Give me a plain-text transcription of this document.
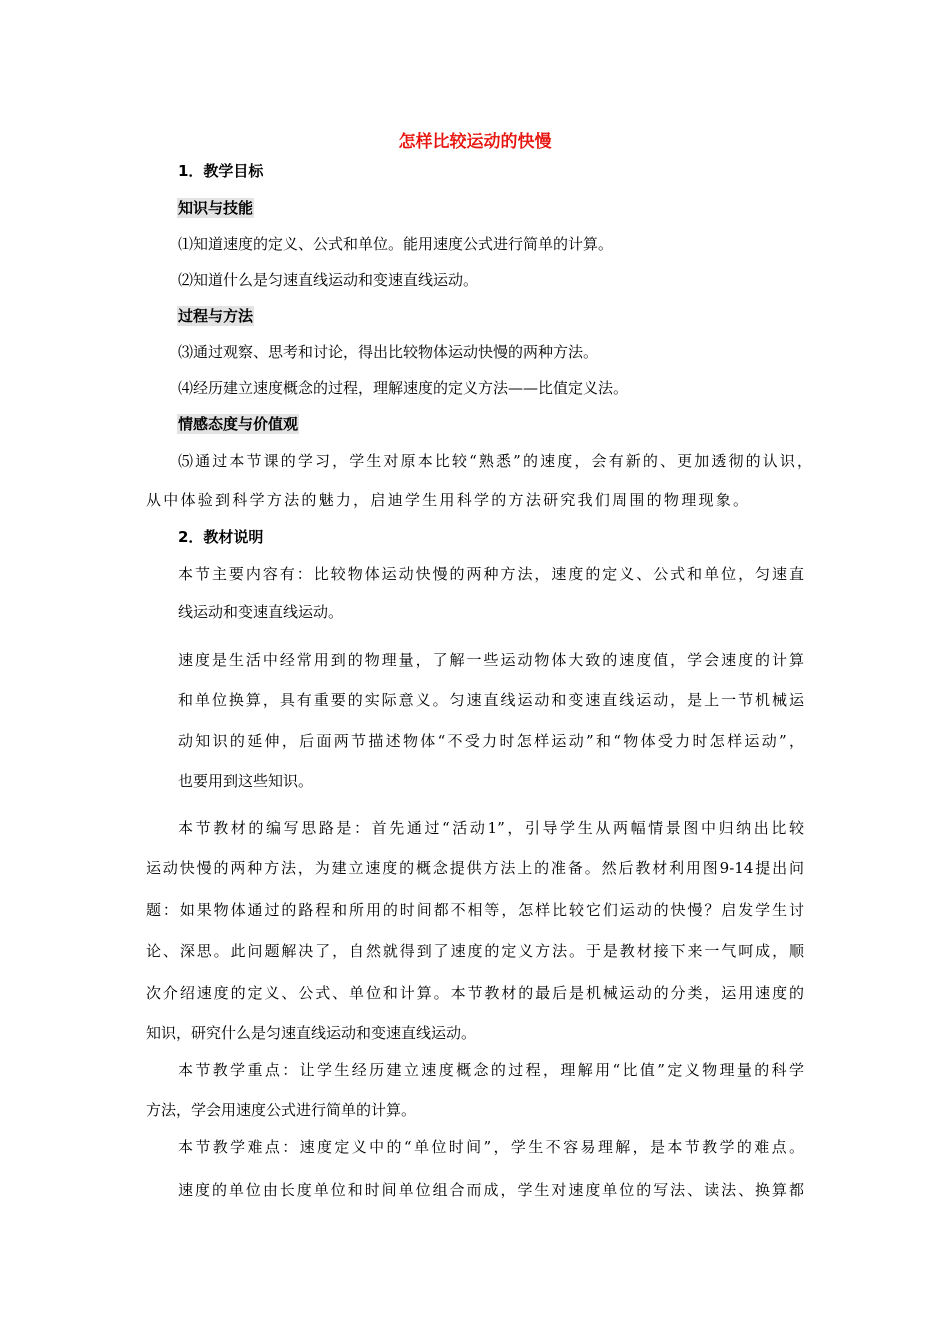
怎样比较运动的快慢
1．教学目标
知识与技能
⑴知道速度的定义、公式和单位。能用速度公式进行简单的计算。
⑵知道什么是匀速直线运动和变速直线运动。
过程与方法
⑶通过观察、思考和讨论，得出比较物体运动快慢的两种方法。
⑷经历建立速度概念的过程，理解速度的定义方法——比值定义法。
情感态度与价值观
⑸通过本节课的学习，学生对原本比较“熟悉”的速度，会有新的、更加透彻的认识，
从中体验到科学方法的魅力，启迪学生用科学的方法研究我们周围的物理现象。
2．教材说明
本节主要内容有：比较物体运动快慢的两种方法，速度的定义、公式和单位，匀速直
线运动和变速直线运动。
速度是生活中经常用到的物理量，了解一些运动物体大致的速度值，学会速度的计算
和单位换算，具有重要的实际意义。匀速直线运动和变速直线运动，是上一节机械运
动知识的延伸，后面两节描述物体“不受力时怎样运动”和“物体受力时怎样运动”，
也要用到这些知识。
本节教材的编写思路是：首先通过“活动1”，引导学生从两幅情景图中归纳出比较
运动快慢的两种方法，为建立速度的概念提供方法上的准备。然后教材利用图9-14提出问
题：如果物体通过的路程和所用的时间都不相等，怎样比较它们运动的快慢？启发学生讨
论、深思。此问题解决了，自然就得到了速度的定义方法。于是教材接下来一气呵成，顺
次介绍速度的定义、公式、单位和计算。本节教材的最后是机械运动的分类，运用速度的
知识，研究什么是匀速直线运动和变速直线运动。
本节教学重点：让学生经历建立速度概念的过程，理解用“比值”定义物理量的科学
方法，学会用速度公式进行简单的计算。
本节教学难点：速度定义中的“单位时间”，学生不容易理解，是本节教学的难点。
速度的单位由长度单位和时间单位组合而成，学生对速度单位的写法、读法、换算都
